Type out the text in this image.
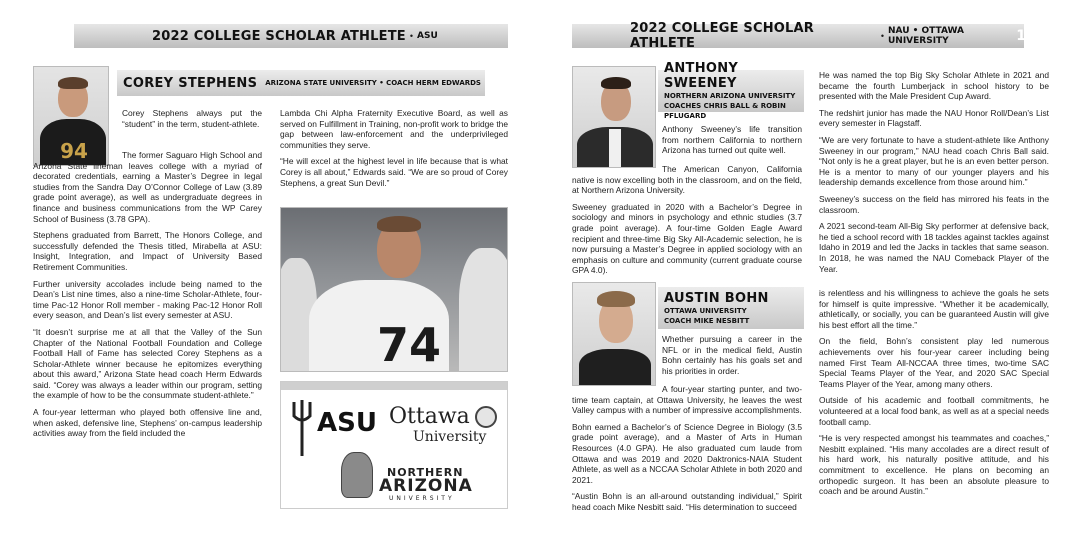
12	2022 COLLEGE SCHOLAR ATHLETE • ASU
94
COREY STEPHENS ARIZONA STATE UNIVERSITY • COACH HERM EDWARDS

Corey Stephens always put the “student” in the term, student-athlete.

The former Saguaro High School and Arizona State lineman leaves college with a myriad of decorated credentials, earning a Master’s Degree in legal studies from the Sandra Day O’Connor College of Law (3.89 grade point average), as well as undergraduate degrees in finance and business communications from the WP Carey School of Business (3.78 GPA).

Stephens graduated from Barrett, The Honors College, and successfully defended the Thesis titled, Mirabella at ASU: Insight, Integration, and Impact of University Based Retirement Communities.

Further university accolades include being named to the Dean’s List nine times, also a nine-time Scholar-Athlete, four-time Pac-12 Honor Roll member - making Pac-12 Honor Roll every season, and Dean’s list every semester at ASU.

“It doesn’t surprise me at all that the Valley of the Sun Chapter of the National Football Foundation and College Football Hall of Fame has selected Corey Stephens as a Scholar-Athlete winner because he epitomizes everything about this award,” Arizona State head coach Herm Edwards said. “Corey was always a leader within our program, setting the example of how to be the consummate student-athlete.”

A four-year letterman who played both offensive line and, when asked, defensive line, Stephens’ on-campus leadership activities away from the field included the

Lambda Chi Alpha Fraternity Executive Board, as well as served on Fulfillment in Training, non-profit work to bridge the gap between law-enforcement and the underprivileged communities they serve.

“He will excel at the highest level in life because that is what Corey is all about,” Edwards said. “We are so proud of Corey Stephens, a great Sun Devil.”

74
ASU Ottawa
University
NORTHERN
ARIZONA
UNIVERSITY
2022 COLLEGE SCHOLAR ATHLETE	• NAU • OTTAWA UNIVERSITY	13
ANTHONY SWEENEY
NORTHERN ARIZONA UNIVERSITY
COACHES CHRIS BALL & ROBIN PFLUGARD

Anthony Sweeney’s life transition from northern California to northern Arizona has turned out quite well.

The American Canyon, California native is now excelling both in the classroom, and on the field, at Northern Arizona University.

Sweeney graduated in 2020 with a Bachelor’s Degree in sociology and minors in psychology and ethnic studies (3.7 grade point average). A four-time Golden Eagle Award recipient and three-time Big Sky All-Academic selection, he is now pursuing a Master’s Degree in applied sociology with an emphasis on culture and community (current graduate course GPA 4.0).

He was named the top Big Sky Scholar Athlete in 2021 and became the fourth Lumberjack in school history to be presented with the Male President Cup Award.

The redshirt junior has made the NAU Honor Roll/Dean’s List every semester in Flagstaff.

“We are very fortunate to have a student-athlete like Anthony Sweeney in our program,” NAU head coach Chris Ball said. “Not only is he a great player, but he is an even better person. He is a mentor to many of our younger players and his leadership demands excellence from those around him.”

Sweeney’s success on the field has mirrored his feats in the classroom.

A 2021 second-team All-Big Sky performer at defensive back, he tied a school record with 18 tackles against tackles against Idaho in 2019 and led the Jacks in tackles that same season. In 2018, he was named the NAU Comeback Player of the Year.

AUSTIN BOHN
OTTAWA UNIVERSITY
COACH MIKE NESBITT

Whether pursuing a career in the NFL or in the medical field, Austin Bohn certainly has his goals set and his priorities in order.

A four-year starting punter, and two-time team captain, at Ottawa University, he leaves the west Valley campus with a number of impressive accomplishments.

Bohn earned a Bachelor’s of Science Degree in Biology (3.5 grade point average), and a Master of Arts in Human Resources (4.0 GPA). He also graduated cum laude from Ottawa and was 2019 and 2020 Daktronics-NAIA Student Athlete, as well as a NCCAA Scholar Athlete in both 2020 and 2021.

“Austin Bohn is an all-around outstanding individual,” Spirit head coach Mike Nesbitt said. “His determination to succeed

is relentless and his willingness to achieve the goals he sets for himself is quite impressive. “Whether it be academically, athletically, or socially, you can be guaranteed Austin will give his best effort all the time.”

On the field, Bohn’s consistent play led numerous achievements over his four-year career including being named First Team All-NCCAA three times, two-time SAC Special Teams Player of the Year, and 2020 SAC Special Teams Player of the Year, among many others.

Outside of his academic and football commitments, he volunteered at a local food bank, as well as at a special needs football camp.

“He is very respected amongst his teammates and coaches,” Nesbitt explained. “His many accolades are a direct result of his hard work, his naturally positive attitude, and his commitment to excellence. He plans on becoming an orthopedic surgeon. It has been an absolute pleasure to coach and be around Austin.”
